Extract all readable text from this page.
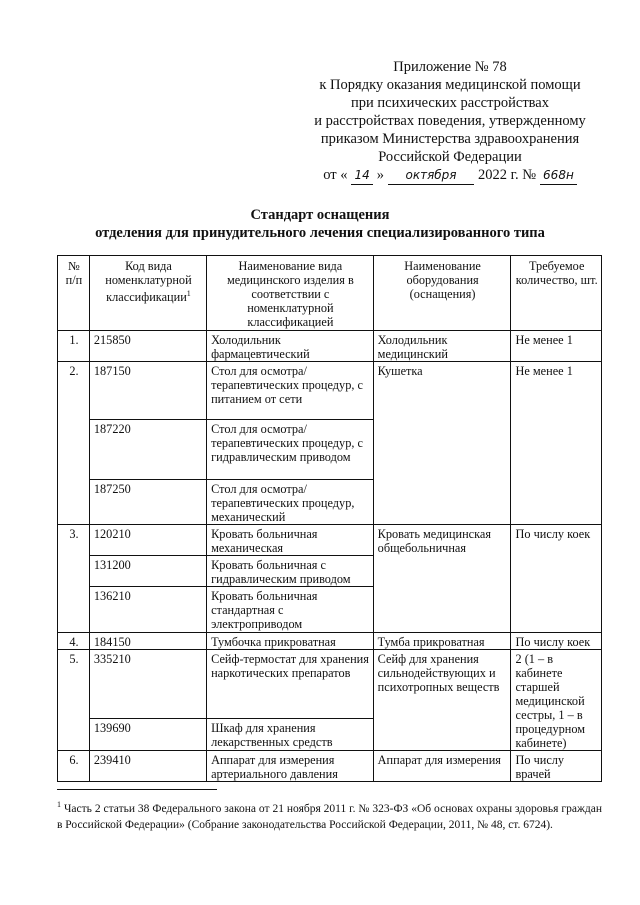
Приложение № 78
к Порядку оказания медицинской помощи
при психических расстройствах
и расстройствах поведения, утвержденному
приказом Министерства здравоохранения
Российской Федерации
от « 14 »	октября	2022 г. № 668н
Стандарт оснащения
отделения для принудительного лечения специализированного типа
№ п/п	Код вида номенклатурной классификации$^1$	Наименование вида медицинского изделия в соответствии с номенклатурной классификацией	Наименование оборудования (оснащения)	Требуемое количество, шт.
1.	215850	Холодильник фармацевтический	Холодильник медицинский	Не менее 1
2.	187150	Стол для осмотра/терапевтических процедур, с питанием от сети	Кушетка	Не менее 1
	187220	Стол для осмотра/терапевтических процедур, с гидравлическим приводом		
	187250	Стол для осмотра/терапевтических процедур, механический		
3.	120210	Кровать больничная механическая	Кровать медицинская общебольничная	По числу коек
	131200	Кровать больничная с гидравлическим приводом		
	136210	Кровать больничная стандартная с электроприводом		
4.	184150	Тумбочка прикроватная	Тумба прикроватная	По числу коек
5.	335210	Сейф-термостат для хранения наркотических препаратов	Сейф для хранения сильнодействующих и психотропных веществ	2 (1 – в кабинете старшей медицинской сестры, 1 – в процедурном кабинете)
	139690	Шкаф для хранения лекарственных средств		
6.	239410	Аппарат для измерения артериального давления	Аппарат для измерения	По числу врачей
$^1$ Часть 2 статьи 38 Федерального закона от 21 ноября 2011 г. № 323-ФЗ «Об основах охраны здоровья граждан в Российской Федерации» (Собрание законодательства Российской Федерации, 2011, № 48, ст. 6724).
